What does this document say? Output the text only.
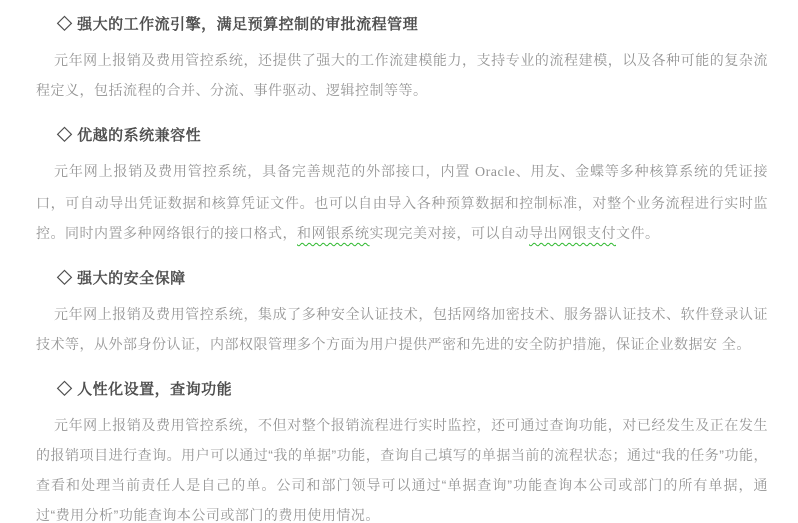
◇ 强大的工作流引擎，满足预算控制的审批流程管理

元年网上报销及费用管控系统，还提供了强大的工作流建模能力，支持专业的流程建模，以及各种可能的复杂流程定义，包括流程的合并、分流、事件驱动、逻辑控制等等。

◇ 优越的系统兼容性

元年网上报销及费用管控系统，具备完善规范的外部接口，内置 Oracle、用友、金蝶等多种核算系统的凭证接 口，可自动导出凭证数据和核算凭证文件。也可以自由导入各种预算数据和控制标准，对整个业务流程进行实时监控。同时内置多种网络银行的接口格式，和网银系统实现完美对接，可以自动导出网银支付文件。

◇ 强大的安全保障

元年网上报销及费用管控系统，集成了多种安全认证技术，包括网络加密技术、服务器认证技术、软件登录认证技术等，从外部身份认证，内部权限管理多个方面为用户提供严密和先进的安全防护措施，保证企业数据安 全。

◇ 人性化设置，查询功能

元年网上报销及费用管控系统，不但对整个报销流程进行实时监控，还可通过查询功能，对已经发生及正在发生的报销项目进行查询。用户可以通过“我的单据”功能，查询自己填写的单据当前的流程状态；通过“我的任务”功能，查看和处理当前责任人是自己的单。公司和部门领导可以通过“单据查询”功能查询本公司或部门的所有单据，通过“费用分析”功能查询本公司或部门的费用使用情况。
